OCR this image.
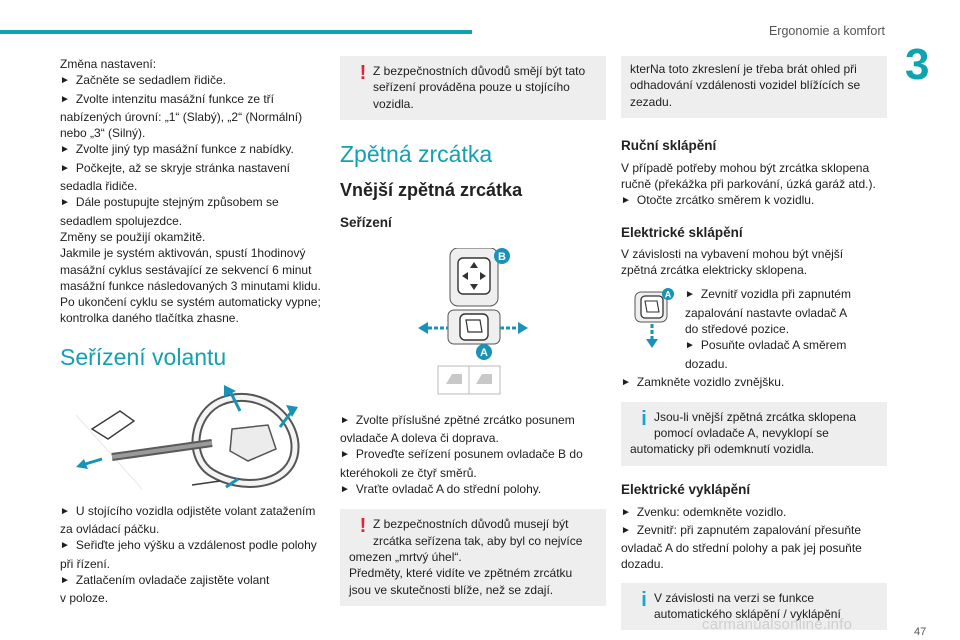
Ergonomie a komfort
3
Změna nastavení:
► Začněte se sedadlem řidiče.
► Zvolte intenzitu masážní funkce ze tří
nabízených úrovní: „1“ (Slabý), „2“ (Normální)
nebo „3“ (Silný).
► Zvolte jiný typ masážní funkce z nabídky.
► Počkejte, až se skryje stránka nastavení
sedadla řidiče.
► Dále postupujte stejným způsobem se
sedadlem spolujezdce.
Změny se použijí okamžitě.
Jakmile je systém aktivován, spustí 1hodinový
masážní cyklus sestávající ze sekvencí 6 minut
masážní funkce následovaných 3 minutami klidu.
Po ukončení cyklu se systém automaticky vypne;
kontrolka daného tlačítka zhasne.
Seřízení volantu
► U stojícího vozidla odjistěte volant zatažením
za ovládací páčku.
► Seřiďte jeho výšku a vzdálenost podle polohy
při řízení.
► Zatlačením ovladače zajistěte volant
v poloze.
! Z bezpečnostních důvodů smějí být tato
seřízení prováděna pouze u stojícího
vozidla.
Zpětná zrcátka
Vnější zpětná zrcátka
Seřízení
B
A
► Zvolte příslušné zpětné zrcátko posunem
ovladače A doleva či doprava.
► Proveďte seřízení posunem ovladače B do
kteréhokoli ze čtyř směrů.
► Vraťte ovladač A do střední polohy.
! Z bezpečnostních důvodů musejí být
zrcátka seřízena tak, aby byl co nejvíce
omezen „mrtvý úhel“.
Předměty, které vidíte ve zpětném zrcátku
jsou ve skutečnosti blíže, než se zdají.
kterNa toto zkreslení je třeba brát ohled při
odhadování vzdálenosti vozidel blížících se
zezadu.
Ruční sklápění
V případě potřeby mohou být zrcátka sklopena
ručně (překážka při parkování, úzká garáž atd.).
► Otočte zrcátko směrem k vozidlu.
Elektrické sklápění
V závislosti na vybavení mohou být vnější
zpětná zrcátka elektricky sklopena.
A
►	Zevnitř vozidla při zapnutém
zapalování nastavte ovladač A
do středové pozice.
► Posuňte ovladač A směrem
dozadu.
► Zamkněte vozidlo zvnějšku.
i Jsou-li vnější zpětná zrcátka sklopena
pomocí ovladače A, nevyklopí se
automaticky při odemknutí vozidla.
Elektrické vyklápění
► Zvenku: odemkněte vozidlo.
► Zevnitř: při zapnutém zapalování přesuňte
ovladač A do střední polohy a pak jej posuňte
dozadu.
i V závislosti na verzi se funkce
automatického sklápění / vyklápění
47
carmanualsonline.info
